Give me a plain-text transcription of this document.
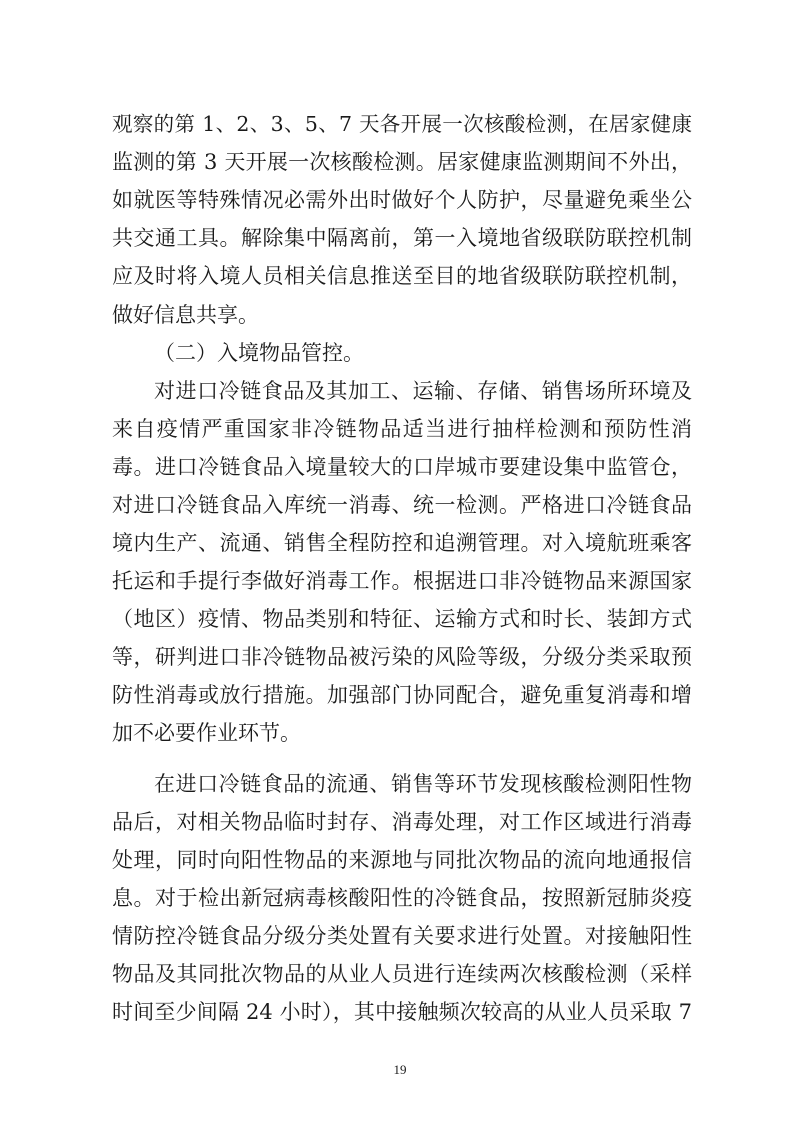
观察的第 1、2、3、5、7 天各开展一次核酸检测，在居家健康
监测的第 3 天开展一次核酸检测。居家健康监测期间不外出，
如就医等特殊情况必需外出时做好个人防护，尽量避免乘坐公
共交通工具。解除集中隔离前，第一入境地省级联防联控机制
应及时将入境人员相关信息推送至目的地省级联防联控机制，
做好信息共享。
（二）入境物品管控。
对进口冷链食品及其加工、运输、存储、销售场所环境及
来自疫情严重国家非冷链物品适当进行抽样检测和预防性消
毒。进口冷链食品入境量较大的口岸城市要建设集中监管仓，
对进口冷链食品入库统一消毒、统一检测。严格进口冷链食品
境内生产、流通、销售全程防控和追溯管理。对入境航班乘客
托运和手提行李做好消毒工作。根据进口非冷链物品来源国家
（地区）疫情、物品类别和特征、运输方式和时长、装卸方式
等，研判进口非冷链物品被污染的风险等级，分级分类采取预
防性消毒或放行措施。加强部门协同配合，避免重复消毒和增
加不必要作业环节。
在进口冷链食品的流通、销售等环节发现核酸检测阳性物
品后，对相关物品临时封存、消毒处理，对工作区域进行消毒
处理，同时向阳性物品的来源地与同批次物品的流向地通报信
息。对于检出新冠病毒核酸阳性的冷链食品，按照新冠肺炎疫
情防控冷链食品分级分类处置有关要求进行处置。对接触阳性
物品及其同批次物品的从业人员进行连续两次核酸检测（采样
时间至少间隔 24 小时），其中接触频次较高的从业人员采取 7
19
